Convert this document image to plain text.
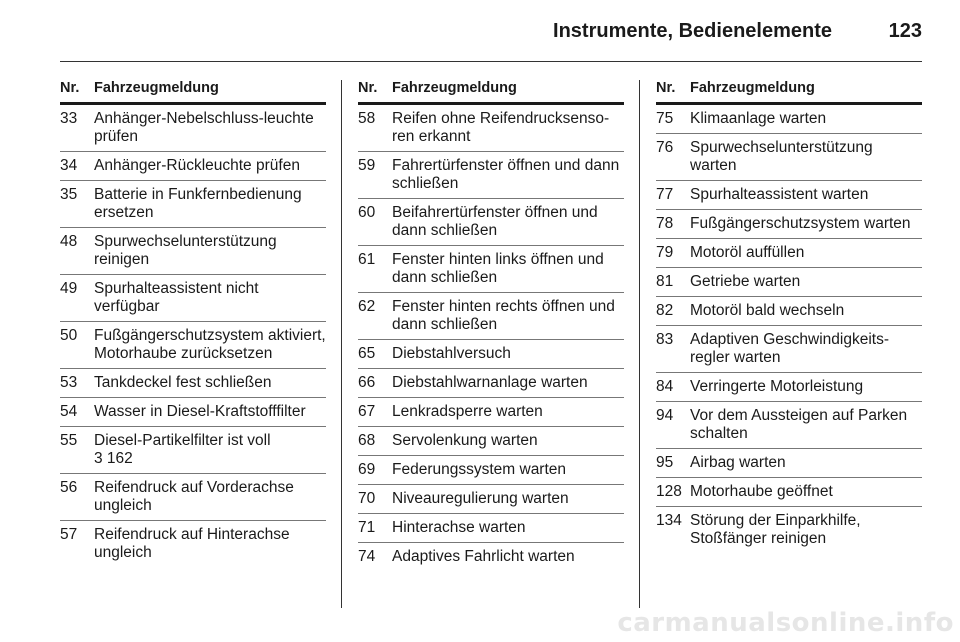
Instrumente, Bedienelemente	123
Nr.	Fahrzeugmeldung
33	Anhänger-Nebelschluss-leuchte prüfen
34	Anhänger-Rückleuchte prüfen
35	Batterie in Funkfernbedienung ersetzen
48	Spurwechselunterstützung reinigen
49	Spurhalteassistent nicht verfügbar
50	Fußgängerschutzsystem aktiviert, Motorhaube zurücksetzen
53	Tankdeckel fest schließen
54	Wasser in Diesel-Kraftstofffilter
55	Diesel-Partikelfilter ist voll
3 162
56	Reifendruck auf Vorderachse ungleich
57	Reifendruck auf Hinterachse ungleich
Nr.	Fahrzeugmeldung
58	Reifen ohne Reifendrucksenso-ren erkannt
59	Fahrertürfenster öffnen und dann schließen
60	Beifahrertürfenster öffnen und dann schließen
61	Fenster hinten links öffnen und dann schließen
62	Fenster hinten rechts öffnen und dann schließen
65	Diebstahlversuch
66	Diebstahlwarnanlage warten
67	Lenkradsperre warten
68	Servolenkung warten
69	Federungssystem warten
70	Niveauregulierung warten
71	Hinterachse warten
74	Adaptives Fahrlicht warten
Nr.	Fahrzeugmeldung
75	Klimaanlage warten
76	Spurwechselunterstützung warten
77	Spurhalteassistent warten
78	Fußgängerschutzsystem warten
79	Motoröl auffüllen
81	Getriebe warten
82	Motoröl bald wechseln
83	Adaptiven Geschwindigkeits-regler warten
84	Verringerte Motorleistung
94	Vor dem Aussteigen auf Parken schalten
95	Airbag warten
128 Motorhaube geöffnet
134 Störung der Einparkhilfe, Stoßfänger reinigen
carmanualsonline.info
